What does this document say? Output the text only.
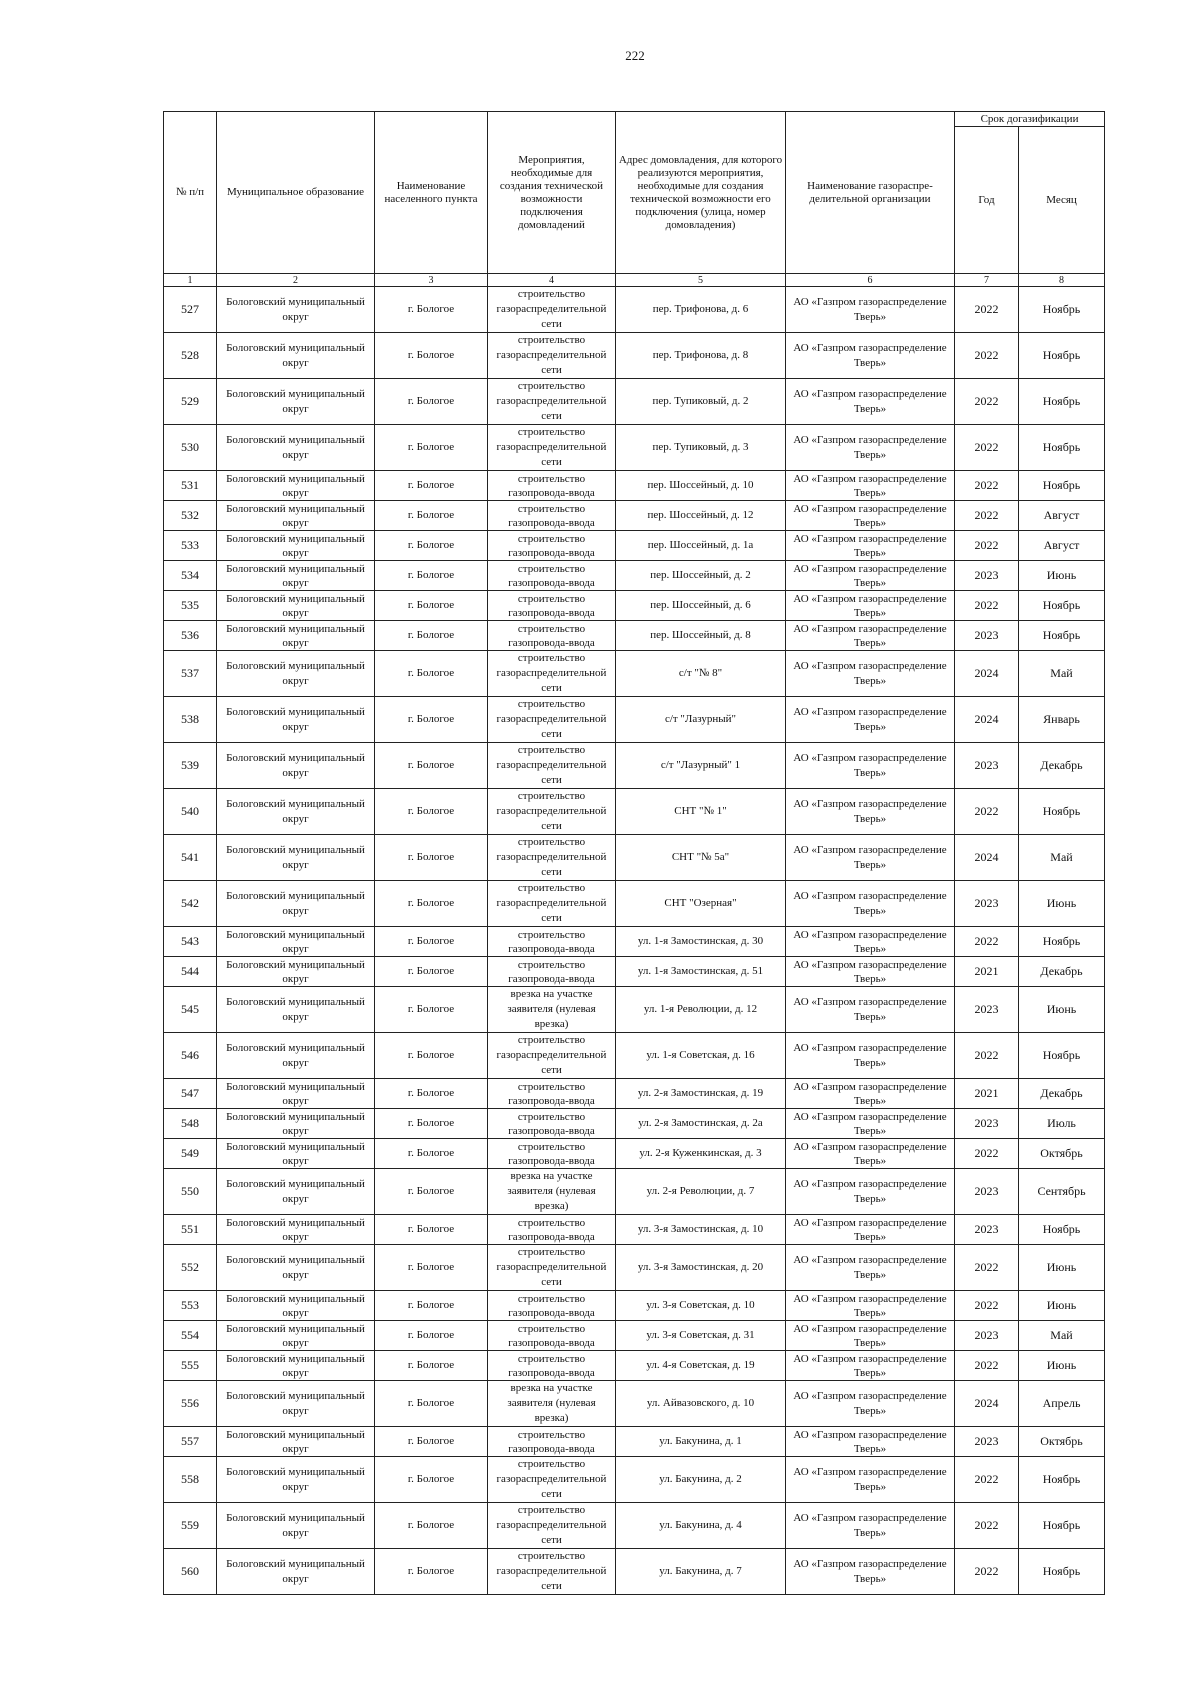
222
№ п/п	Муниципальное образование	Наименование населенного пункта	Мероприятия, необходимые для создания технической возможности подключения домовладений	Адрес домовладения, для которого реализуются мероприятия, необходимые для создания технической возможности его подключения (улица, номер домовладения)	Наименование газораспре-делительной организации	Срок догазификации	
						Год	Месяц
1	2	3	4	5	6	7	8
527	Бологовский муниципальный округ	г. Бологое	строительство газораспределительной сети	пер. Трифонова, д. 6	АО «Газпром газораспределение Тверь»	2022	Ноябрь
528	Бологовский муниципальный округ	г. Бологое	строительство газораспределительной сети	пер. Трифонова, д. 8	АО «Газпром газораспределение Тверь»	2022	Ноябрь
529	Бологовский муниципальный округ	г. Бологое	строительство газораспределительной сети	пер. Тупиковый, д. 2	АО «Газпром газораспределение Тверь»	2022	Ноябрь
530	Бологовский муниципальный округ	г. Бологое	строительство газораспределительной сети	пер. Тупиковый, д. 3	АО «Газпром газораспределение Тверь»	2022	Ноябрь
531	Бологовский муниципальный округ	г. Бологое	строительство газопровода-ввода	пер. Шоссейный, д. 10	АО «Газпром газораспределение Тверь»	2022	Ноябрь
532	Бологовский муниципальный округ	г. Бологое	строительство газопровода-ввода	пер. Шоссейный, д. 12	АО «Газпром газораспределение Тверь»	2022	Август
533	Бологовский муниципальный округ	г. Бологое	строительство газопровода-ввода	пер. Шоссейный, д. 1а	АО «Газпром газораспределение Тверь»	2022	Август
534	Бологовский муниципальный округ	г. Бологое	строительство газопровода-ввода	пер. Шоссейный, д. 2	АО «Газпром газораспределение Тверь»	2023	Июнь
535	Бологовский муниципальный округ	г. Бологое	строительство газопровода-ввода	пер. Шоссейный, д. 6	АО «Газпром газораспределение Тверь»	2022	Ноябрь
536	Бологовский муниципальный округ	г. Бологое	строительство газопровода-ввода	пер. Шоссейный, д. 8	АО «Газпром газораспределение Тверь»	2023	Ноябрь
537	Бологовский муниципальный округ	г. Бологое	строительство газораспределительной сети	с/т "№ 8"	АО «Газпром газораспределение Тверь»	2024	Май
538	Бологовский муниципальный округ	г. Бологое	строительство газораспределительной сети	с/т "Лазурный"	АО «Газпром газораспределение Тверь»	2024	Январь
539	Бологовский муниципальный округ	г. Бологое	строительство газораспределительной сети	с/т "Лазурный" 1	АО «Газпром газораспределение Тверь»	2023	Декабрь
540	Бологовский муниципальный округ	г. Бологое	строительство газораспределительной сети	СНТ "№ 1"	АО «Газпром газораспределение Тверь»	2022	Ноябрь
541	Бологовский муниципальный округ	г. Бологое	строительство газораспределительной сети	СНТ "№ 5а"	АО «Газпром газораспределение Тверь»	2024	Май
542	Бологовский муниципальный округ	г. Бологое	строительство газораспределительной сети	СНТ "Озерная"	АО «Газпром газораспределение Тверь»	2023	Июнь
543	Бологовский муниципальный округ	г. Бологое	строительство газопровода-ввода	ул. 1-я Замостинская, д. 30	АО «Газпром газораспределение Тверь»	2022	Ноябрь
544	Бологовский муниципальный округ	г. Бологое	строительство газопровода-ввода	ул. 1-я Замостинская, д. 51	АО «Газпром газораспределение Тверь»	2021	Декабрь
545	Бологовский муниципальный округ	г. Бологое	врезка на участке заявителя (нулевая врезка)	ул. 1-я Революции, д. 12	АО «Газпром газораспределение Тверь»	2023	Июнь
546	Бологовский муниципальный округ	г. Бологое	строительство газораспределительной сети	ул. 1-я Советская, д. 16	АО «Газпром газораспределение Тверь»	2022	Ноябрь
547	Бологовский муниципальный округ	г. Бологое	строительство газопровода-ввода	ул. 2-я Замостинская, д. 19	АО «Газпром газораспределение Тверь»	2021	Декабрь
548	Бологовский муниципальный округ	г. Бологое	строительство газопровода-ввода	ул. 2-я Замостинская, д. 2а	АО «Газпром газораспределение Тверь»	2023	Июль
549	Бологовский муниципальный округ	г. Бологое	строительство газопровода-ввода	ул. 2-я Куженкинская, д. 3	АО «Газпром газораспределение Тверь»	2022	Октябрь
550	Бологовский муниципальный округ	г. Бологое	врезка на участке заявителя (нулевая врезка)	ул. 2-я Революции, д. 7	АО «Газпром газораспределение Тверь»	2023	Сентябрь
551	Бологовский муниципальный округ	г. Бологое	строительство газопровода-ввода	ул. 3-я Замостинская, д. 10	АО «Газпром газораспределение Тверь»	2023	Ноябрь
552	Бологовский муниципальный округ	г. Бологое	строительство газораспределительной сети	ул. 3-я Замостинская, д. 20	АО «Газпром газораспределение Тверь»	2022	Июнь
553	Бологовский муниципальный округ	г. Бологое	строительство газопровода-ввода	ул. 3-я Советская, д. 10	АО «Газпром газораспределение Тверь»	2022	Июнь
554	Бологовский муниципальный округ	г. Бологое	строительство газопровода-ввода	ул. 3-я Советская, д. 31	АО «Газпром газораспределение Тверь»	2023	Май
555	Бологовский муниципальный округ	г. Бологое	строительство газопровода-ввода	ул. 4-я Советская, д. 19	АО «Газпром газораспределение Тверь»	2022	Июнь
556	Бологовский муниципальный округ	г. Бологое	врезка на участке заявителя (нулевая врезка)	ул. Айвазовского, д. 10	АО «Газпром газораспределение Тверь»	2024	Апрель
557	Бологовский муниципальный округ	г. Бологое	строительство газопровода-ввода	ул. Бакунина, д. 1	АО «Газпром газораспределение Тверь»	2023	Октябрь
558	Бологовский муниципальный округ	г. Бологое	строительство газораспределительной сети	ул. Бакунина, д. 2	АО «Газпром газораспределение Тверь»	2022	Ноябрь
559	Бологовский муниципальный округ	г. Бологое	строительство газораспределительной сети	ул. Бакунина, д. 4	АО «Газпром газораспределение Тверь»	2022	Ноябрь
560	Бологовский муниципальный округ	г. Бологое	строительство газораспределительной сети	ул. Бакунина, д. 7	АО «Газпром газораспределение Тверь»	2022	Ноябрь
